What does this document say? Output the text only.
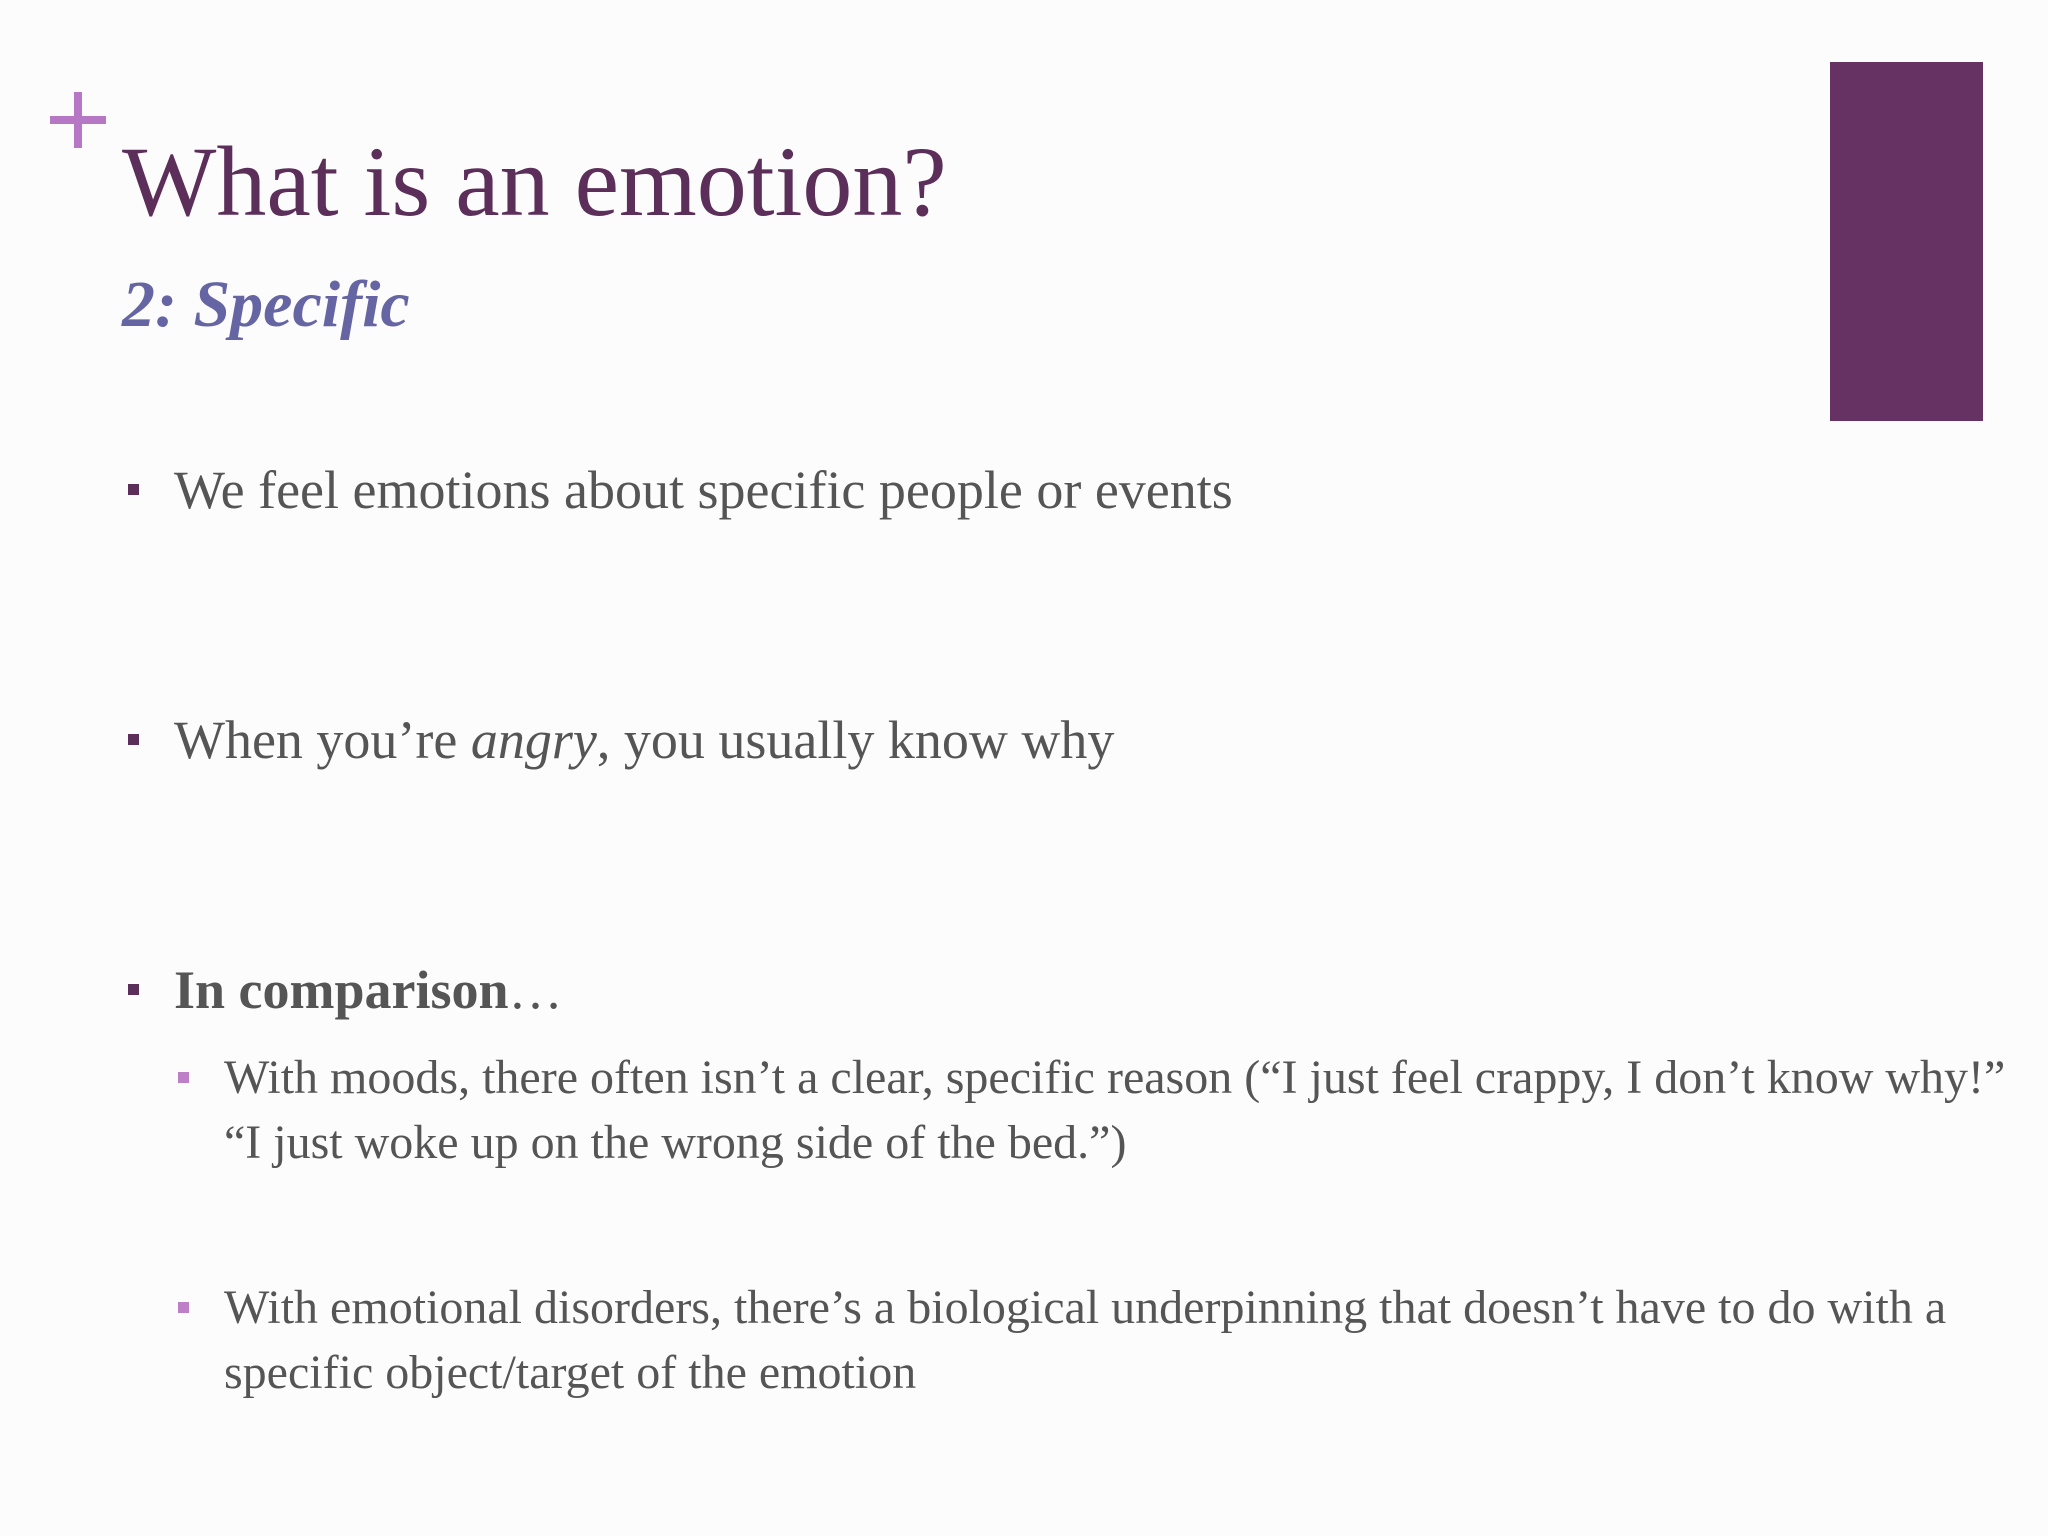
What is an emotion?
2: Specific
We feel emotions about specific people or events
When you’re angry, you usually know why
In comparison…
With moods, there often isn’t a clear, specific reason (“I just feel crappy, I don’t know why!” “I just woke up on the wrong side of the bed.”)
With emotional disorders, there’s a biological underpinning that doesn’t have to do with a specific object/target of the emotion
